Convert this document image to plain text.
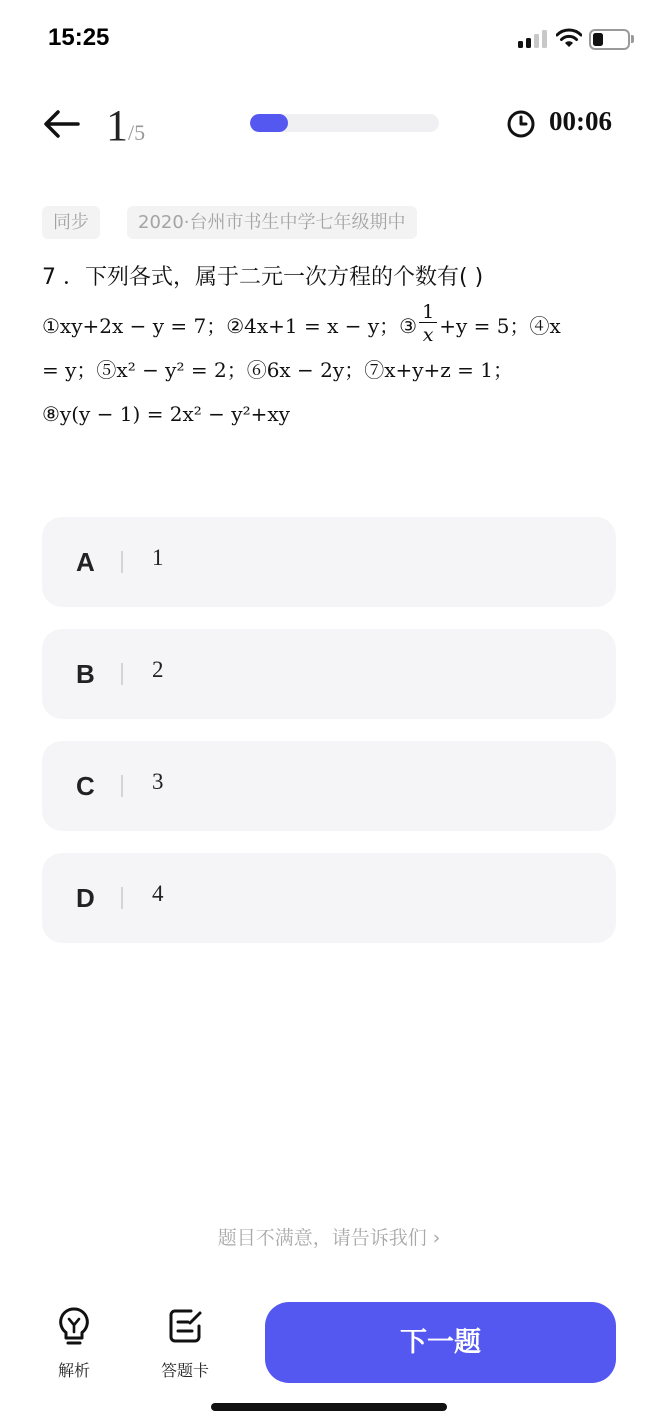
15:25
1/5	00:06
同步	2020·台州市书生中学七年级期中
7 ．下列各式，属于二元一次方程的个数有( )
①xy+2x − y = 7；②4x+1 = x − y；③ $\frac{1}{x} +y = 5$；④x
= y；⑤x² − y² = 2；⑥6x − 2y；⑦x+y+z = 1；
⑧y(y − 1) = 2x² − y²+xy
A 1
B 2
C 3
D 4
题目不满意，请告诉我们 ›
解析	答题卡
下一题
